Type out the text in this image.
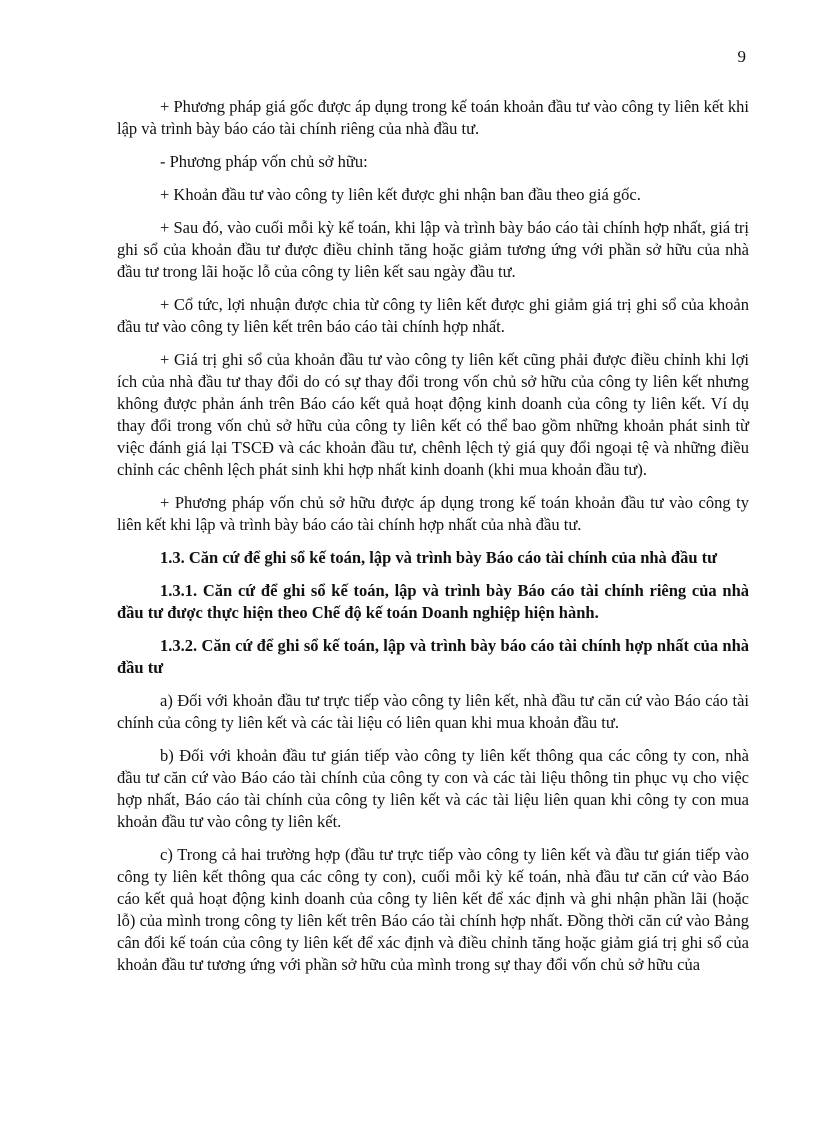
9

+ Phương pháp giá gốc được áp dụng trong kế toán khoản đầu tư vào công ty liên kết khi lập và trình bày báo cáo tài chính riêng của nhà đầu tư.

- Phương pháp vốn chủ sở hữu:

+ Khoản đầu tư vào công ty liên kết được ghi nhận ban đầu theo giá gốc.

+ Sau đó, vào cuối mỗi kỳ kế toán, khi lập và trình bày báo cáo tài chính hợp nhất, giá trị ghi sổ của khoản đầu tư được điều chỉnh tăng hoặc giảm tương ứng với phần sở hữu của nhà đầu tư trong lãi hoặc lỗ của công ty liên kết sau ngày đầu tư.

+ Cổ tức, lợi nhuận được chia từ công ty liên kết được ghi giảm giá trị ghi sổ của khoản đầu tư vào công ty liên kết trên báo cáo tài chính hợp nhất.

+ Giá trị ghi sổ của khoản đầu tư vào công ty liên kết cũng phải được điều chỉnh khi lợi ích của nhà đầu tư thay đổi do có sự thay đổi trong vốn chủ sở hữu của công ty liên kết nhưng không được phản ánh trên Báo cáo kết quả hoạt động kinh doanh của công ty liên kết. Ví dụ thay đổi trong vốn chủ sở hữu của công ty liên kết có thể bao gồm những khoản phát sinh từ việc đánh giá lại TSCĐ và các khoản đầu tư, chênh lệch tỷ giá quy đổi ngoại tệ và những điều chỉnh các chênh lệch phát sinh khi hợp nhất kinh doanh (khi mua khoản đầu tư).

+ Phương pháp vốn chủ sở hữu được áp dụng trong kế toán khoản đầu tư vào công ty liên kết khi lập và trình bày báo cáo tài chính hợp nhất của nhà đầu tư.

1.3. Căn cứ để ghi sổ kế toán, lập và trình bày Báo cáo tài chính của nhà đầu tư

1.3.1. Căn cứ để ghi sổ kế toán, lập và trình bày Báo cáo tài chính riêng của nhà đầu tư được thực hiện theo Chế độ kế toán Doanh nghiệp hiện hành.

1.3.2. Căn cứ để ghi sổ kế toán, lập và trình bày báo cáo tài chính hợp nhất của nhà đầu tư

a) Đối với khoản đầu tư trực tiếp vào công ty liên kết, nhà đầu tư căn cứ vào Báo cáo tài chính của công ty liên kết và các tài liệu có liên quan khi mua khoản đầu tư.

b) Đối với khoản đầu tư gián tiếp vào công ty liên kết thông qua các công ty con, nhà đầu tư căn cứ vào Báo cáo tài chính của công ty con và các tài liệu thông tin phục vụ cho việc hợp nhất, Báo cáo tài chính của công ty liên kết và các tài liệu liên quan khi công ty con mua khoản đầu tư vào công ty liên kết.

c) Trong cả hai trường hợp (đầu tư trực tiếp vào công ty liên kết và đầu tư gián tiếp vào công ty liên kết thông qua các công ty con), cuối mỗi kỳ kế toán, nhà đầu tư căn cứ vào Báo cáo kết quả hoạt động kinh doanh của công ty liên kết để xác định và ghi nhận phần lãi (hoặc lỗ) của mình trong công ty liên kết trên Báo cáo tài chính hợp nhất. Đồng thời căn cứ vào Bảng cân đối kế toán của công ty liên kết để xác định và điều chỉnh tăng hoặc giảm giá trị ghi sổ của khoản đầu tư tương ứng với phần sở hữu của mình trong sự thay đổi vốn chủ sở hữu của
